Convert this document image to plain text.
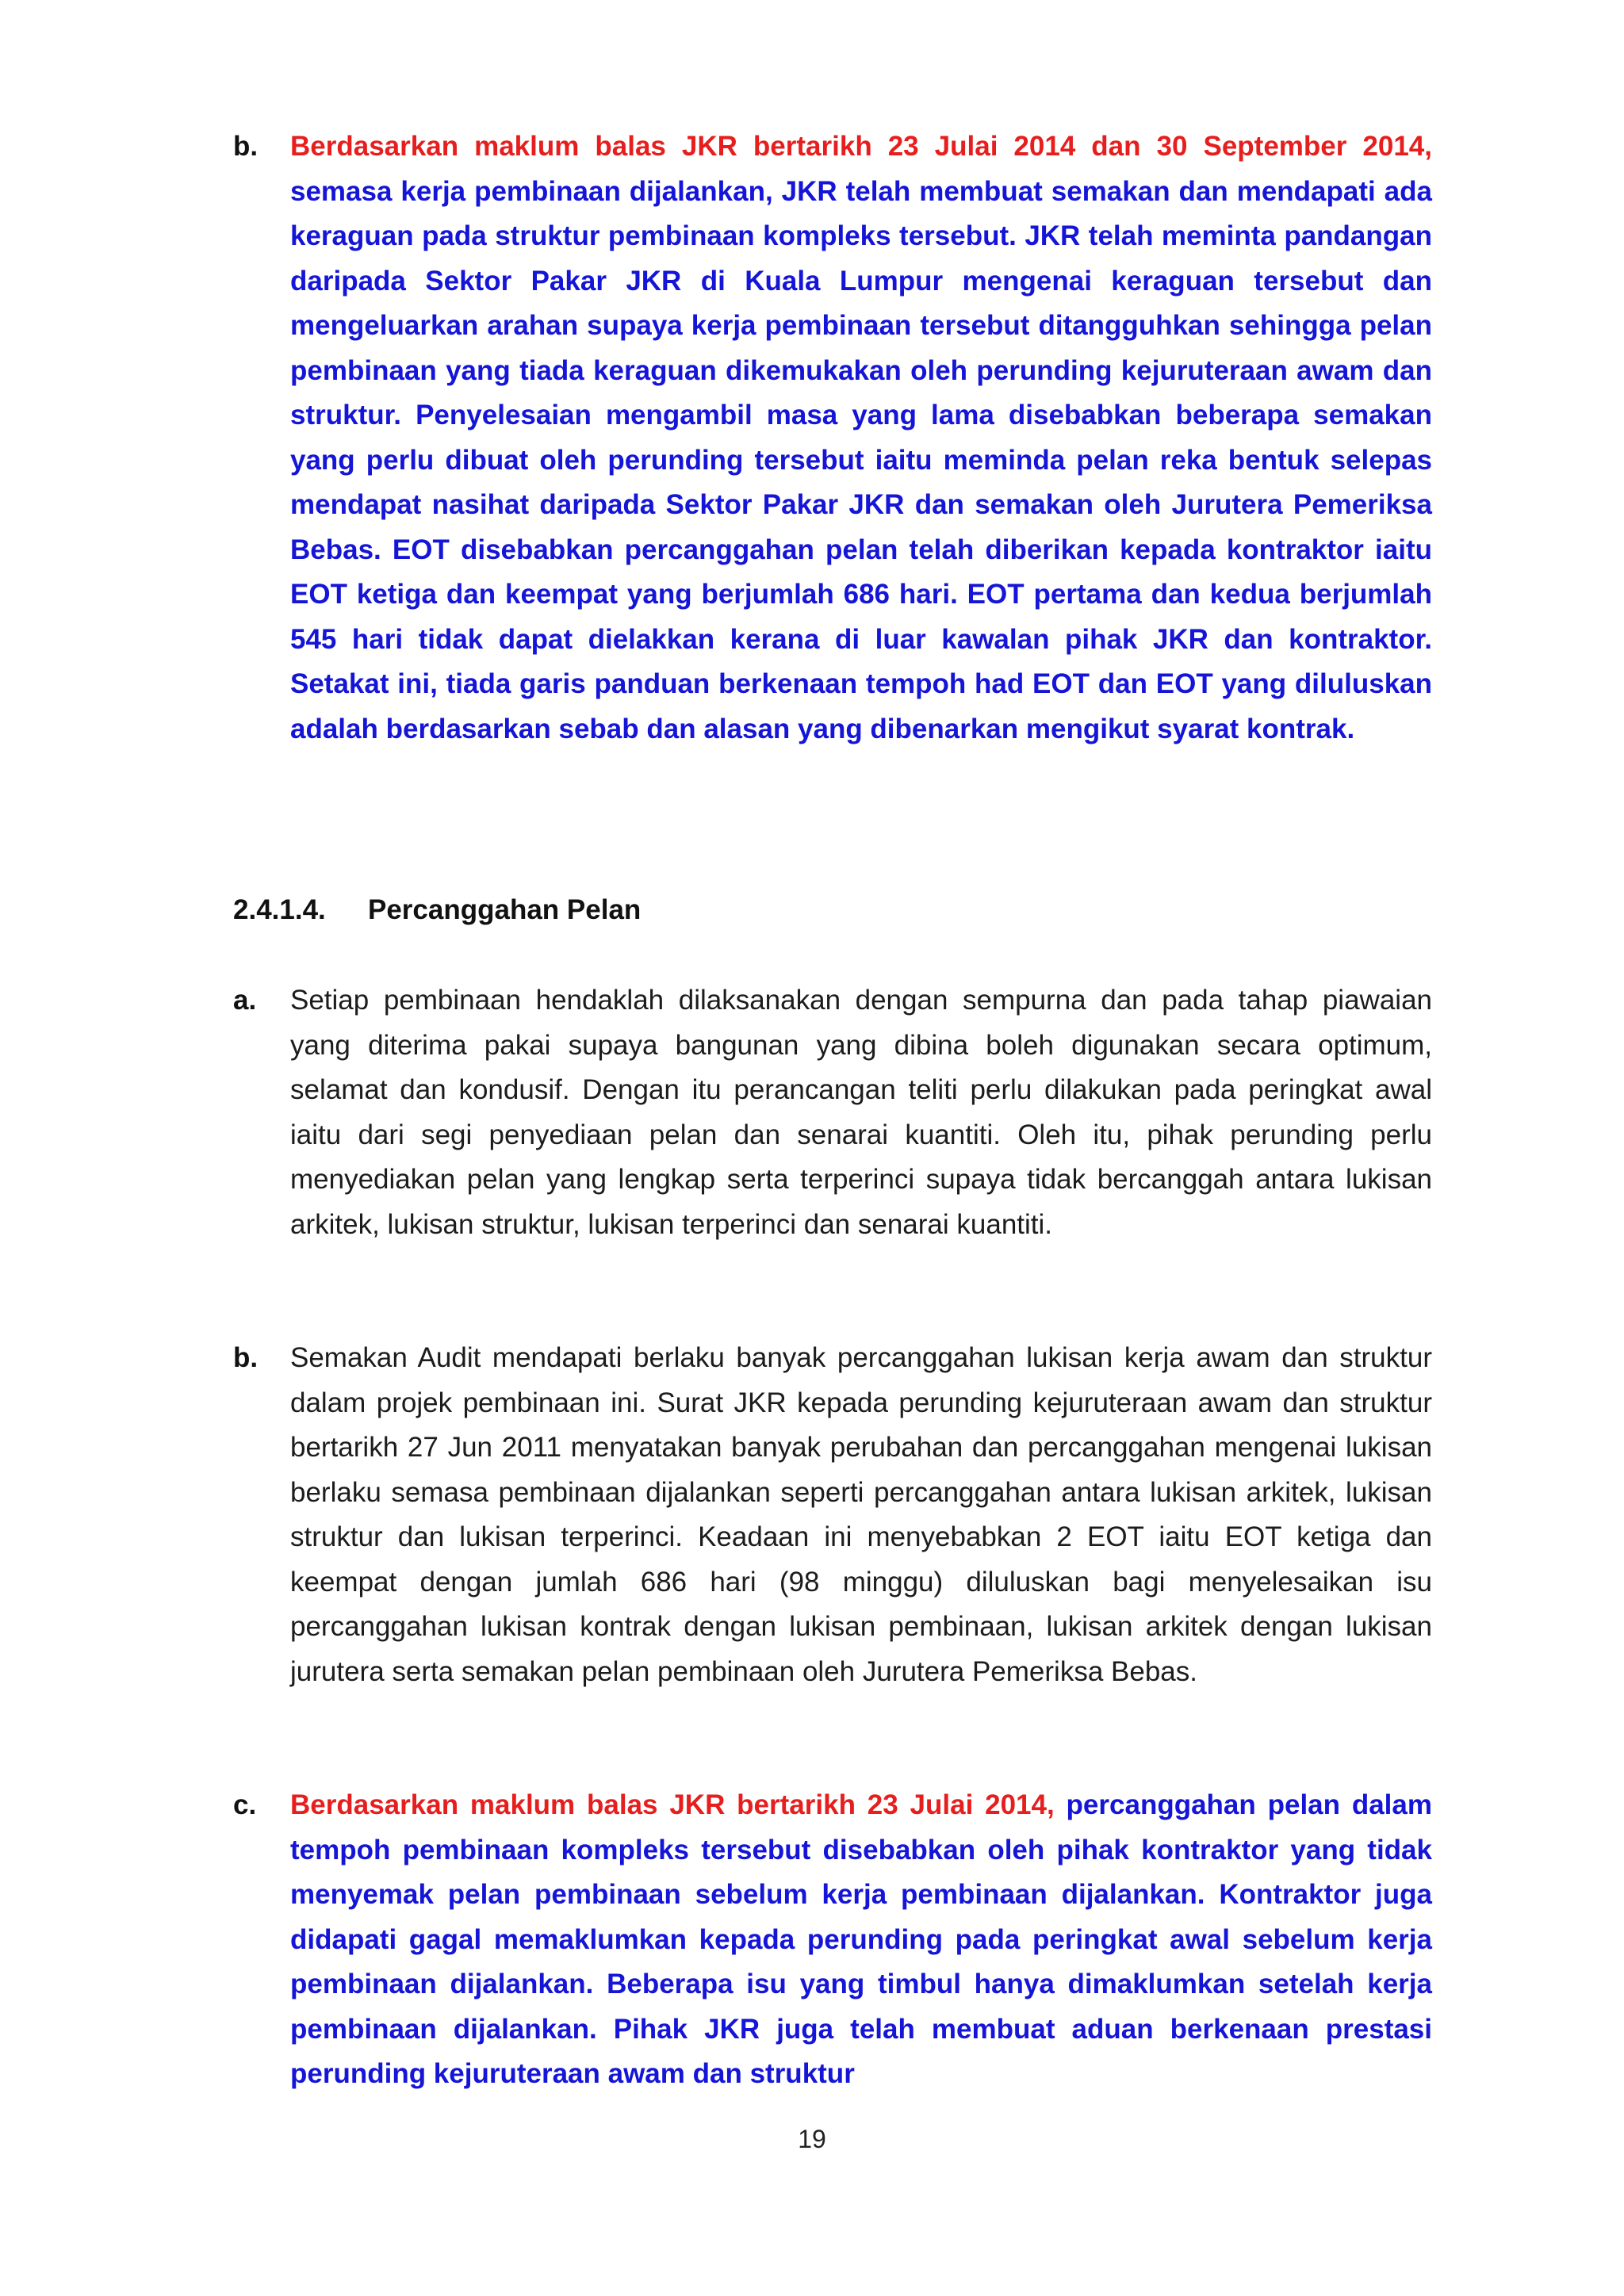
b. Berdasarkan maklum balas JKR bertarikh 23 Julai 2014 dan 30 September 2014, semasa kerja pembinaan dijalankan, JKR telah membuat semakan dan mendapati ada keraguan pada struktur pembinaan kompleks tersebut. JKR telah meminta pandangan daripada Sektor Pakar JKR di Kuala Lumpur mengenai keraguan tersebut dan mengeluarkan arahan supaya kerja pembinaan tersebut ditangguhkan sehingga pelan pembinaan yang tiada keraguan dikemukakan oleh perunding kejuruteraan awam dan struktur. Penyelesaian mengambil masa yang lama disebabkan beberapa semakan yang perlu dibuat oleh perunding tersebut iaitu meminda pelan reka bentuk selepas mendapat nasihat daripada Sektor Pakar JKR dan semakan oleh Jurutera Pemeriksa Bebas. EOT disebabkan percanggahan pelan telah diberikan kepada kontraktor iaitu EOT ketiga dan keempat yang berjumlah 686 hari. EOT pertama dan kedua berjumlah 545 hari tidak dapat dielakkan kerana di luar kawalan pihak JKR dan kontraktor. Setakat ini, tiada garis panduan berkenaan tempoh had EOT dan EOT yang diluluskan adalah berdasarkan sebab dan alasan yang dibenarkan mengikut syarat kontrak.
2.4.1.4. Percanggahan Pelan
a. Setiap pembinaan hendaklah dilaksanakan dengan sempurna dan pada tahap piawaian yang diterima pakai supaya bangunan yang dibina boleh digunakan secara optimum, selamat dan kondusif. Dengan itu perancangan teliti perlu dilakukan pada peringkat awal iaitu dari segi penyediaan pelan dan senarai kuantiti. Oleh itu, pihak perunding perlu menyediakan pelan yang lengkap serta terperinci supaya tidak bercanggah antara lukisan arkitek, lukisan struktur, lukisan terperinci dan senarai kuantiti.
b. Semakan Audit mendapati berlaku banyak percanggahan lukisan kerja awam dan struktur dalam projek pembinaan ini. Surat JKR kepada perunding kejuruteraan awam dan struktur bertarikh 27 Jun 2011 menyatakan banyak perubahan dan percanggahan mengenai lukisan berlaku semasa pembinaan dijalankan seperti percanggahan antara lukisan arkitek, lukisan struktur dan lukisan terperinci. Keadaan ini menyebabkan 2 EOT iaitu EOT ketiga dan keempat dengan jumlah 686 hari (98 minggu) diluluskan bagi menyelesaikan isu percanggahan lukisan kontrak dengan lukisan pembinaan, lukisan arkitek dengan lukisan jurutera serta semakan pelan pembinaan oleh Jurutera Pemeriksa Bebas.
c. Berdasarkan maklum balas JKR bertarikh 23 Julai 2014, percanggahan pelan dalam tempoh pembinaan kompleks tersebut disebabkan oleh pihak kontraktor yang tidak menyemak pelan pembinaan sebelum kerja pembinaan dijalankan. Kontraktor juga didapati gagal memaklumkan kepada perunding pada peringkat awal sebelum kerja pembinaan dijalankan. Beberapa isu yang timbul hanya dimaklumkan setelah kerja pembinaan dijalankan. Pihak JKR juga telah membuat aduan berkenaan prestasi perunding kejuruteraan awam dan struktur
19
